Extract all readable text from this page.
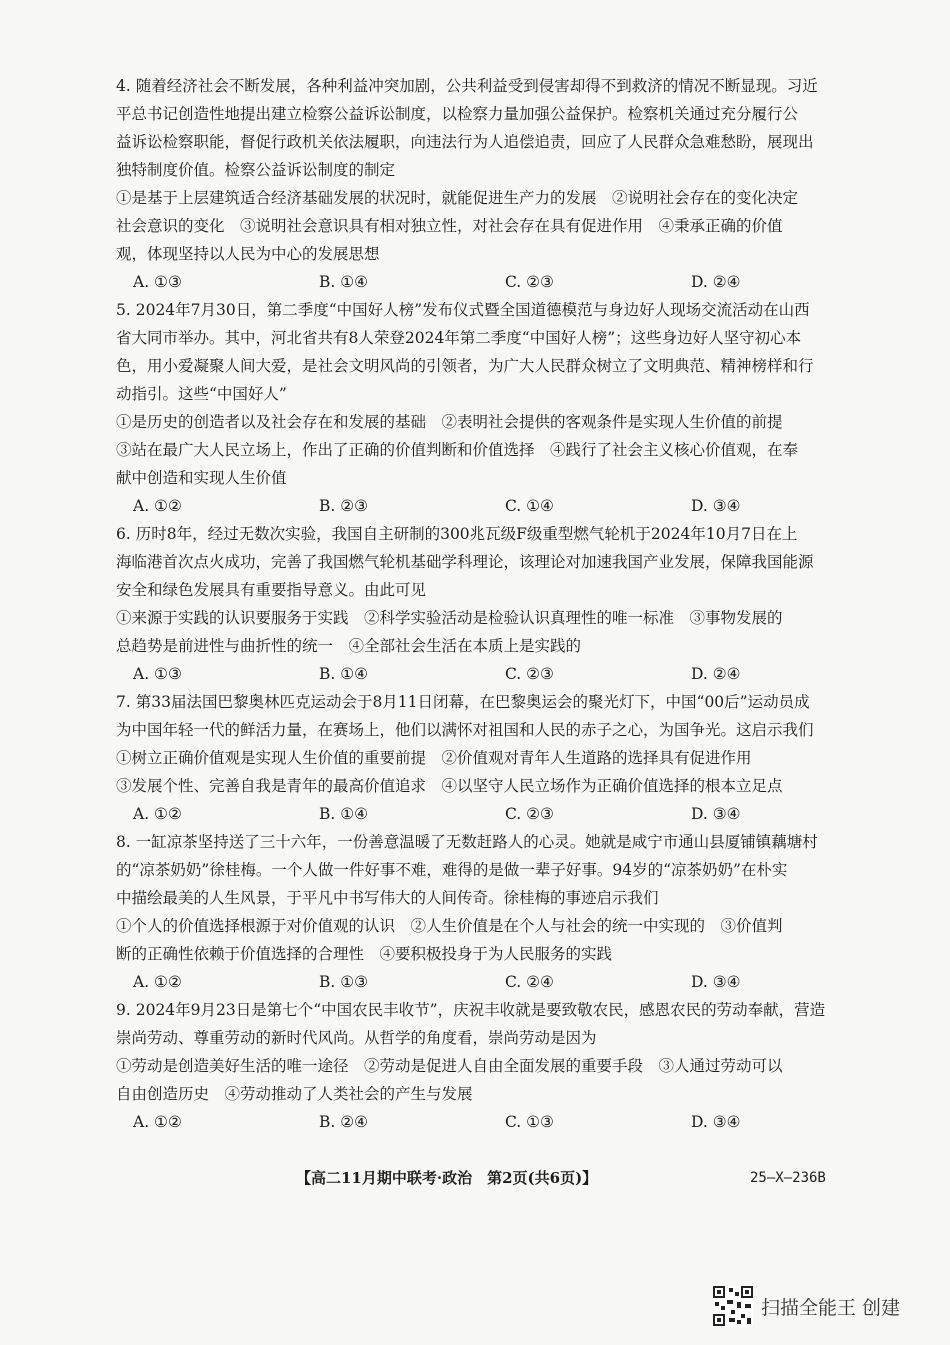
4. 随着经济社会不断发展，各种利益冲突加剧，公共利益受到侵害却得不到救济的情况不断显现。习近
平总书记创造性地提出建立检察公益诉讼制度，以检察力量加强公益保护。检察机关通过充分履行公
益诉讼检察职能，督促行政机关依法履职，向违法行为人追偿追责，回应了人民群众急难愁盼，展现出
独特制度价值。检察公益诉讼制度的制定
①是基于上层建筑适合经济基础发展的状况时，就能促进生产力的发展　②说明社会存在的变化决定
社会意识的变化　③说明社会意识具有相对独立性，对社会存在具有促进作用　④秉承正确的价值
观，体现坚持以人民为中心的发展思想
A. ①③	B. ①④	C. ②③	D. ②④
5. 2024年7月30日，第二季度“中国好人榜”发布仪式暨全国道德模范与身边好人现场交流活动在山西
省大同市举办。其中，河北省共有8人荣登2024年第二季度“中国好人榜”；这些身边好人坚守初心本
色，用小爱凝聚人间大爱，是社会文明风尚的引领者，为广大人民群众树立了文明典范、精神榜样和行
动指引。这些“中国好人”
①是历史的创造者以及社会存在和发展的基础　②表明社会提供的客观条件是实现人生价值的前提
③站在最广大人民立场上，作出了正确的价值判断和价值选择　④践行了社会主义核心价值观，在奉
献中创造和实现人生价值
A. ①②	B. ②③	C. ①④	D. ③④
6. 历时8年，经过无数次实验，我国自主研制的300兆瓦级F级重型燃气轮机于2024年10月7日在上
海临港首次点火成功，完善了我国燃气轮机基础学科理论，该理论对加速我国产业发展，保障我国能源
安全和绿色发展具有重要指导意义。由此可见
①来源于实践的认识要服务于实践　②科学实验活动是检验认识真理性的唯一标准　③事物发展的
总趋势是前进性与曲折性的统一　④全部社会生活在本质上是实践的
A. ①③	B. ①④	C. ②③	D. ②④
7. 第33届法国巴黎奥林匹克运动会于8月11日闭幕，在巴黎奥运会的聚光灯下，中国“00后”运动员成
为中国年轻一代的鲜活力量，在赛场上，他们以满怀对祖国和人民的赤子之心，为国争光。这启示我们
①树立正确价值观是实现人生价值的重要前提　②价值观对青年人生道路的选择具有促进作用
③发展个性、完善自我是青年的最高价值追求　④以坚守人民立场作为正确价值选择的根本立足点
A. ①②	B. ①④	C. ②③	D. ③④
8. 一缸凉茶坚持送了三十六年，一份善意温暖了无数赶路人的心灵。她就是咸宁市通山县厦铺镇藕塘村
的“凉茶奶奶”徐桂梅。一个人做一件好事不难，难得的是做一辈子好事。94岁的“凉茶奶奶”在朴实
中描绘最美的人生风景，于平凡中书写伟大的人间传奇。徐桂梅的事迹启示我们
①个人的价值选择根源于对价值观的认识　②人生价值是在个人与社会的统一中实现的　③价值判
断的正确性依赖于价值选择的合理性　④要积极投身于为人民服务的实践
A. ①②	B. ①③	C. ②④	D. ③④
9. 2024年9月23日是第七个“中国农民丰收节”，庆祝丰收就是要致敬农民，感恩农民的劳动奉献，营造
崇尚劳动、尊重劳动的新时代风尚。从哲学的角度看，崇尚劳动是因为
①劳动是创造美好生活的唯一途径　②劳动是促进人自由全面发展的重要手段　③人通过劳动可以
自由创造历史　④劳动推动了人类社会的产生与发展
A. ①②	B. ②④	C. ①③	D. ③④
【高二11月期中联考·政治　第2页(共6页)】	25—X—236B
扫描全能王 创建
